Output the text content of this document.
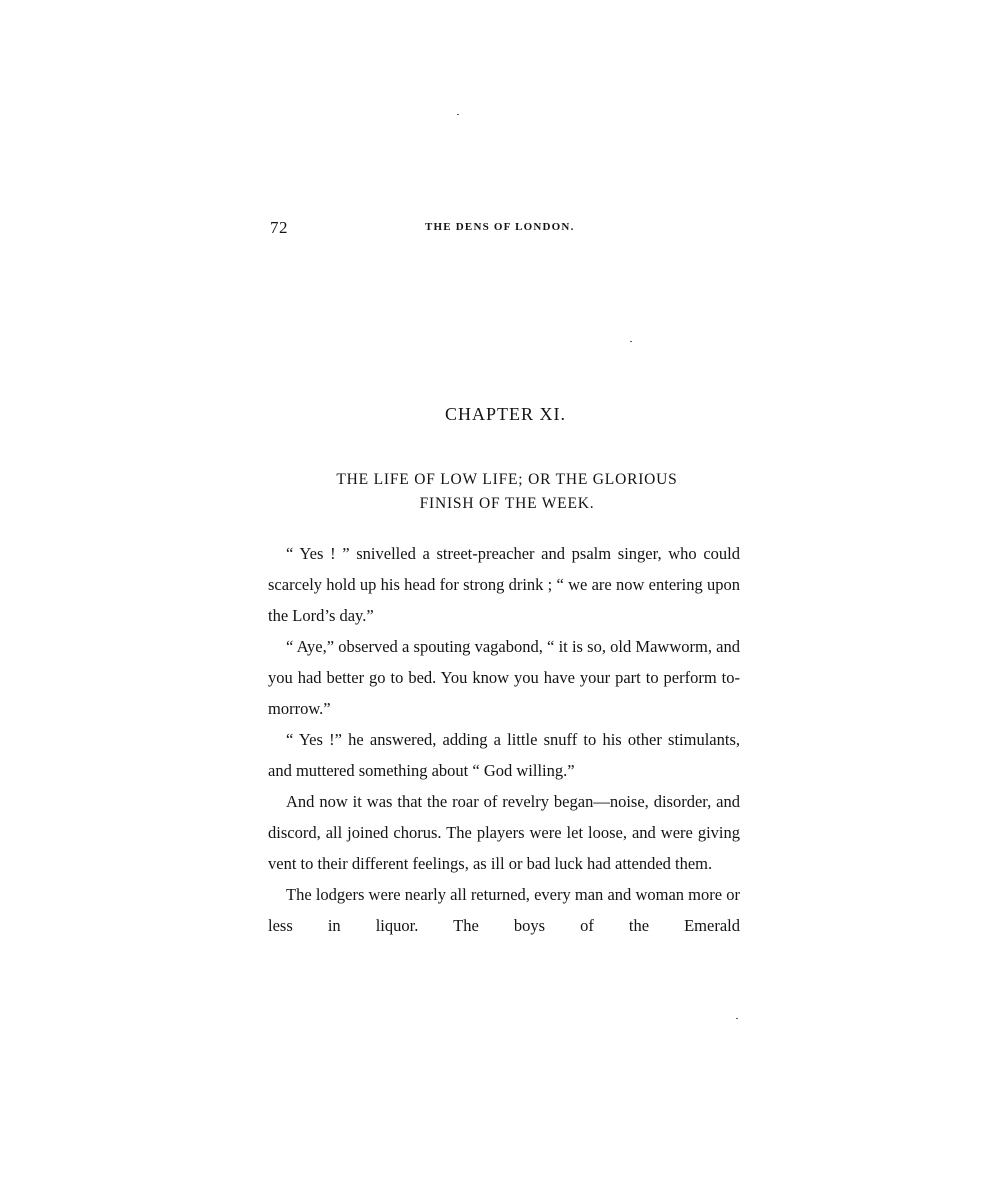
72	THE DENS OF LONDON.
CHAPTER XI.
THE LIFE OF LOW LIFE; OR THE GLORIOUS
FINISH OF THE WEEK.

“ Yes ! ” snivelled a street-preacher and psalm singer, who could scarcely hold up his head for strong drink ; “ we are now entering upon the Lord’s day.”

“ Aye,” observed a spouting vagabond, “ it is so, old Mawworm, and you had better go to bed. You know you have your part to perform to-morrow.”

“ Yes !” he answered, adding a little snuff to his other stimulants, and muttered something about “ God willing.”

And now it was that the roar of revelry began—noise, disorder, and discord, all joined chorus. The players were let loose, and were giving vent to their different feelings, as ill or bad luck had attended them.

The lodgers were nearly all returned, every man and woman more or less in liquor. The boys of the Emerald
